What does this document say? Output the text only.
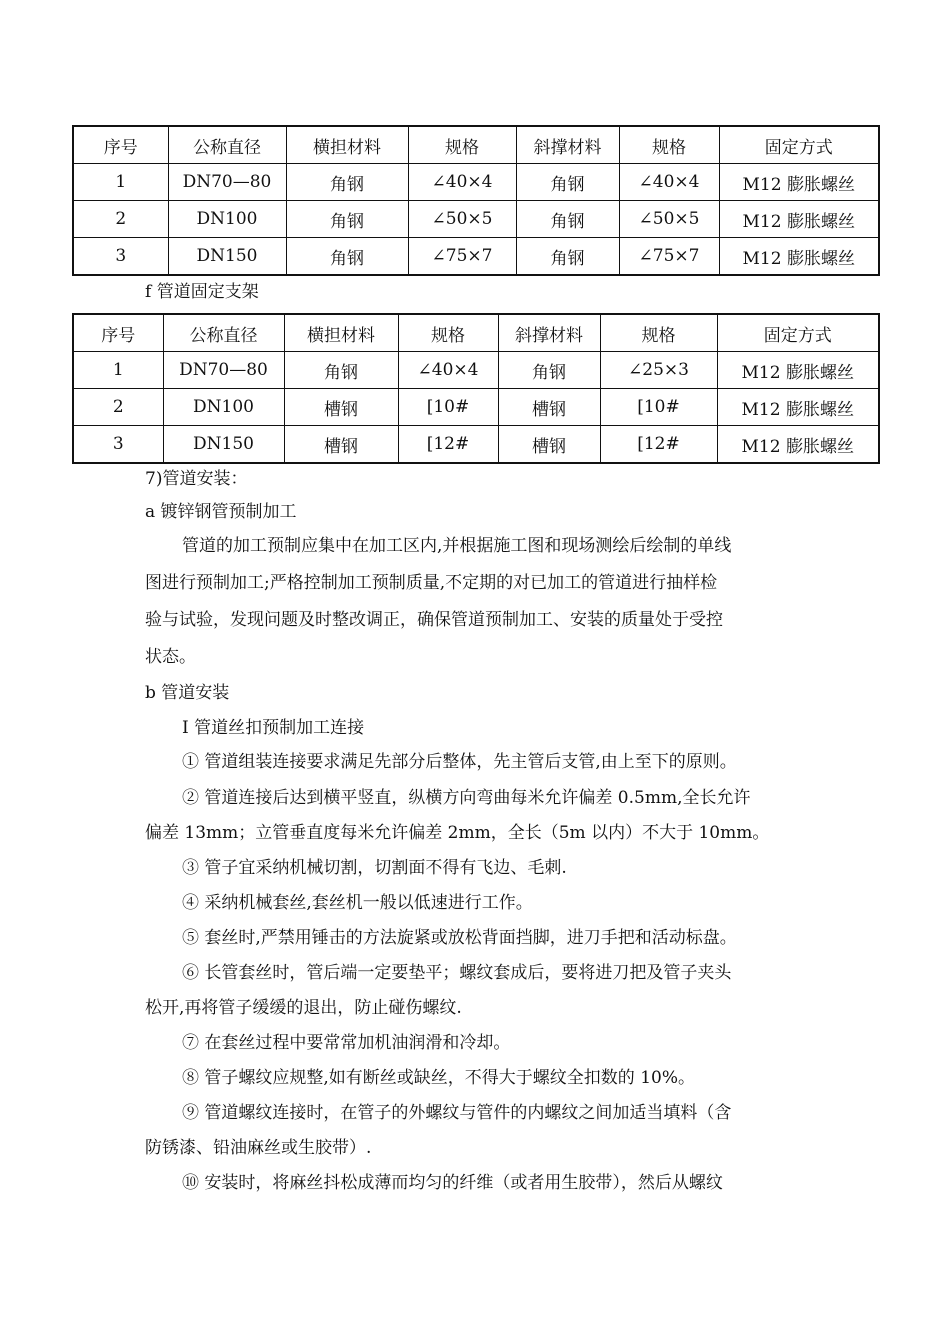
序号	公称直径	横担材料	规格	斜撑材料	规格	固定方式
1	DN70—80	角钢	∠40×4	角钢	∠40×4	M12 膨胀螺丝
2	DN100	角钢	∠50×5	角钢	∠50×5	M12 膨胀螺丝
3	DN150	角钢	∠75×7	角钢	∠75×7	M12 膨胀螺丝
f 管道固定支架
序号	公称直径	横担材料	规格	斜撑材料	规格	固定方式
1	DN70—80	角钢	∠40×4	角钢	∠25×3	M12 膨胀螺丝
2	DN100	槽钢	[10#	槽钢	[10#	M12 膨胀螺丝
3	DN150	槽钢	[12#	槽钢	[12#	M12 膨胀螺丝
7)管道安装：
a 镀锌钢管预制加工
管道的加工预制应集中在加工区内,并根据施工图和现场测绘后绘制的单线
图进行预制加工;严格控制加工预制质量,不定期的对已加工的管道进行抽样检
验与试验，发现问题及时整改调正，确保管道预制加工、安装的质量处于受控
状态。
b 管道安装
Ⅰ 管道丝扣预制加工连接
① 管道组装连接要求满足先部分后整体，先主管后支管,由上至下的原则。
② 管道连接后达到横平竖直，纵横方向弯曲每米允许偏差 0.5mm,全长允许
偏差 13mm；立管垂直度每米允许偏差 2mm，全长（5m 以内）不大于 10mm。
③ 管子宜采纳机械切割，切割面不得有飞边、毛刺.
④ 采纳机械套丝,套丝机一般以低速进行工作。
⑤ 套丝时,严禁用锤击的方法旋紧或放松背面挡脚，进刀手把和活动标盘。
⑥ 长管套丝时，管后端一定要垫平；螺纹套成后，要将进刀把及管子夹头
松开,再将管子缓缓的退出，防止碰伤螺纹.
⑦ 在套丝过程中要常常加机油润滑和冷却。
⑧ 管子螺纹应规整,如有断丝或缺丝，不得大于螺纹全扣数的 10%。
⑨ 管道螺纹连接时，在管子的外螺纹与管件的内螺纹之间加适当填料（含
防锈漆、铅油麻丝或生胶带）.
⑩ 安装时，将麻丝抖松成薄而均匀的纤维（或者用生胶带），然后从螺纹
